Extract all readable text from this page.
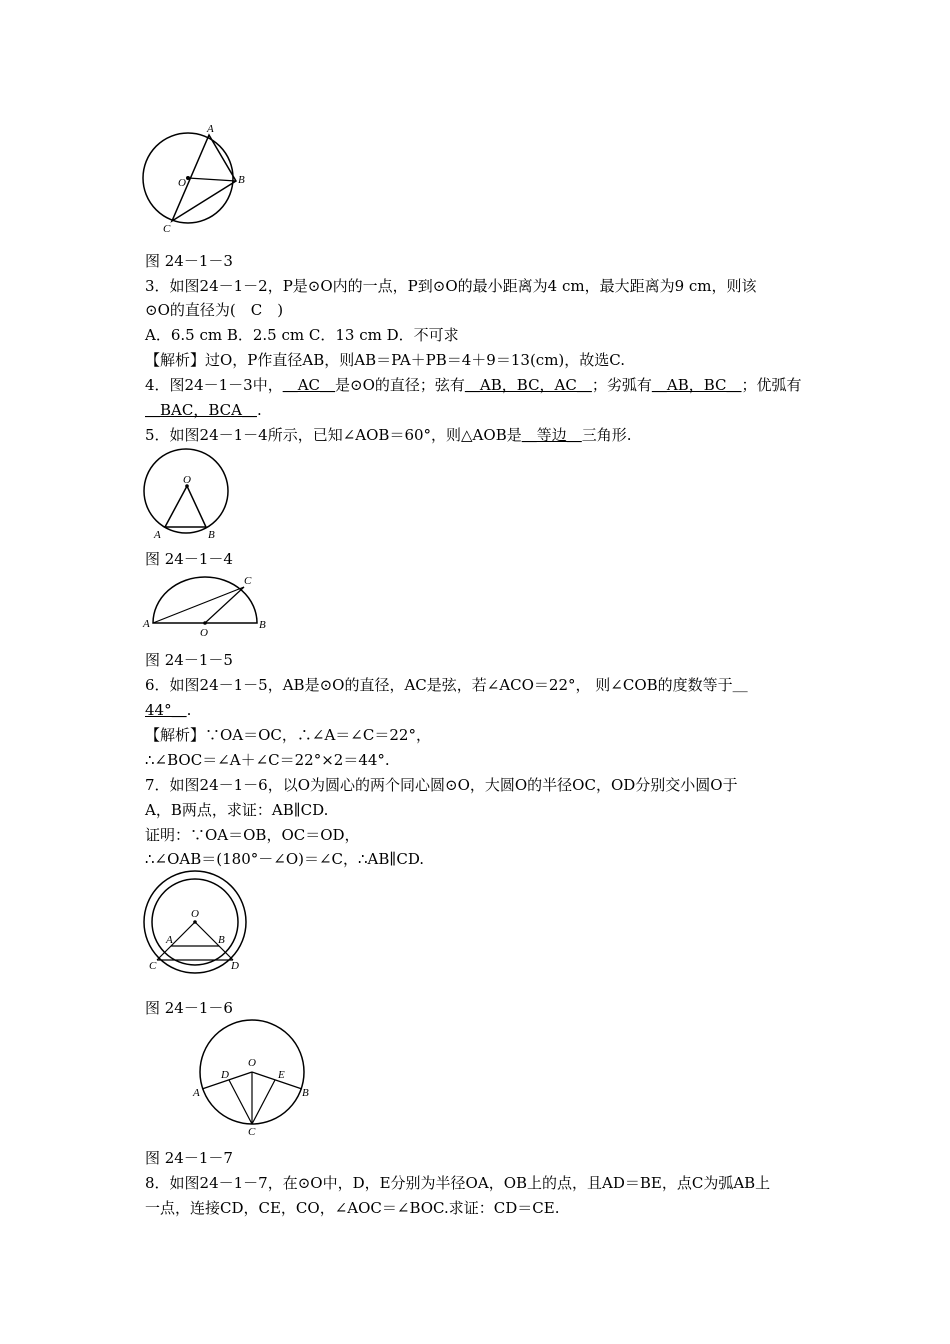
A
B
C
O
图 24－1－3
3．如图24－1－2，P是⊙O内的一点，P到⊙O的最小距离为4 cm，最大距离为9 cm，则该
⊙O的直径为(　C　)
A．6.5 cm B．2.5 cm C．13 cm D．不可求
【解析】过O，P作直径AB，则AB＝PA＋PB＝4＋9＝13(cm)，故选C.
4．图24－1－3中，＿AC＿是⊙O的直径；弦有＿AB，BC，AC＿；劣弧有＿AB，BC＿；优弧有
＿BAC，BCA＿.
5．如图24－1－4所示，已知∠AOB＝60°，则△AOB是＿等边＿三角形.
O
A	B
图 24－1－4
A
O
B
C
图 24－1－5
6．如图24－1－5，AB是⊙O的直径，AC是弦，若∠ACO＝22°， 则∠COB的度数等于＿
44°＿.
【解析】∵OA＝OC，∴∠A＝∠C＝22°，
∴∠BOC＝∠A＋∠C＝22°×2＝44°.
7．如图24－1－6，以O为圆心的两个同心圆⊙O，大圆O的半径OC，OD分别交小圆O于
A，B两点，求证：AB∥CD.
证明：∵OA＝OB，OC＝OD，
∴∠OAB＝(180°－∠O)＝∠C，∴AB∥CD.
O
A	B
C	D
图 24－1－6
O
D	E
A	B
C
图 24－1－7
8．如图24－1－7，在⊙O中，D，E分别为半径OA，OB上的点，且AD＝BE，点C为弧AB上
一点，连接CD，CE，CO，∠AOC＝∠BOC.求证：CD＝CE.
